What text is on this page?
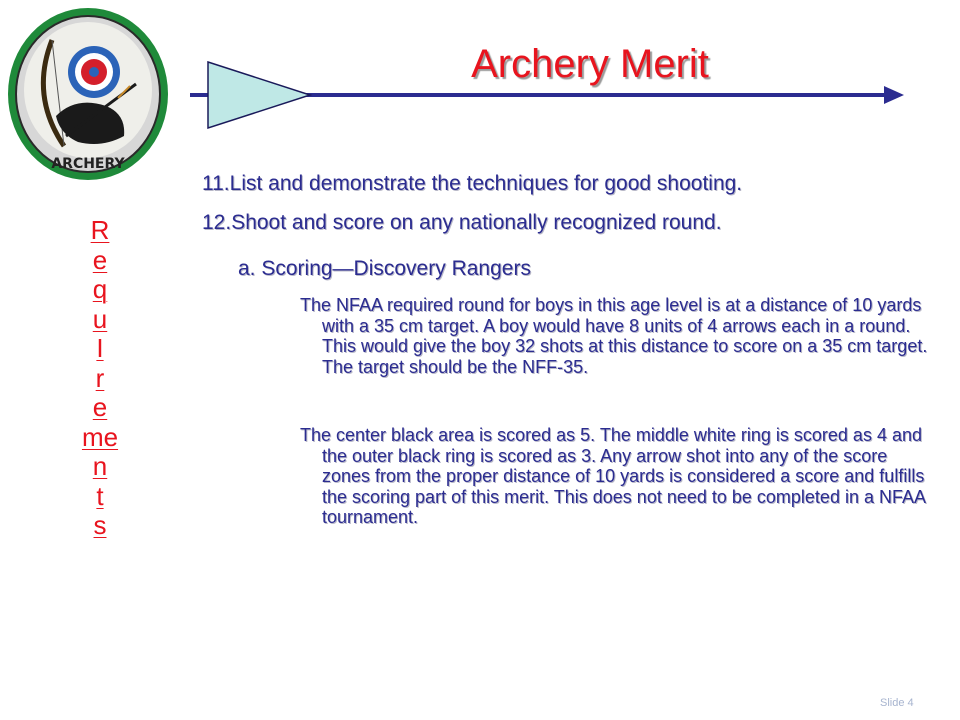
ARCHERY
Archery Merit
R
e
q
u
I
r
e
me
n
t
s
11.List and demonstrate the techniques for good shooting.
12.Shoot and score on any nationally recognized round.
a. Scoring—Discovery Rangers

The NFAA required round for boys in this age level is at a distance of 10 yards with a 35 cm target. A boy would have 8 units of 4 arrows each in a round. This would give the boy 32 shots at this distance to score on a 35 cm target. The target should be the NFF-35.

The center black area is scored as 5. The middle white ring is scored as 4 and the outer black ring is scored as 3. Any arrow shot into any of the score zones from the proper distance of 10 yards is considered a score and fulfills the scoring part of this merit. This does not need to be completed in a NFAA tournament.

Slide 4
